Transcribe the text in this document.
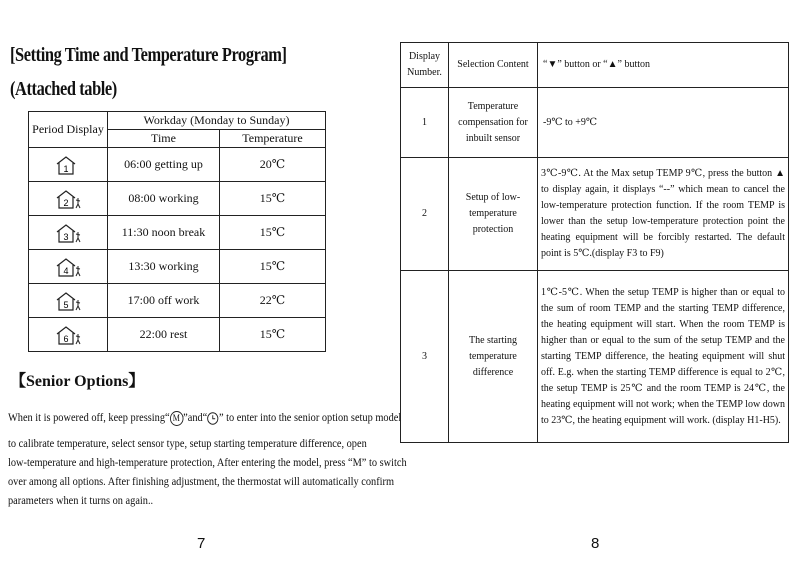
[Setting Time and Temperature Program]
(Attached table)
Period Display	Workday (Monday to Sunday)	
	Time	Temperature

1	06:00 getting up	20℃

2	08:00 working	15℃

3	11:30 noon break	15℃

4	13:30 working	15℃

5	17:00 off work	22℃

6	22:00 rest	15℃
【Senior Options】
When it is powered off, keep pressing“ M ”and“ ” to enter into the senior option setup model
to calibrate temperature, select sensor type, setup starting temperature difference, open
low-temperature and high-temperature protection, After entering the model, press “M” to switch
over among all options. After finishing adjustment, the thermostat will automatically confirm
parameters when it turns on again..
7
Display Number.	Selection Content	“▼” button or “▲” button
1	Temperature compensation for inbuilt sensor	-9℃ to +9℃
2	Setup of low-temperature protection	3℃-9℃. At the Max setup TEMP 9℃, press the button ▲ to display again, it displays “--” which mean to cancel the low-temperature protection function. If the room TEMP is lower than the setup low-temperature protection point the heating equipment will be forcibly restarted. The default point is 5℃.(display F3 to F9)
3	The starting temperature difference	1℃-5℃. When the setup TEMP is higher than or equal to the sum of room TEMP and the starting TEMP difference, the heating equipment will start. When the room TEMP is higher than or equal to the sum of the setup TEMP and the starting TEMP difference, the heating equipment will shut off. E.g. when the starting TEMP difference is equal to 2℃, the setup TEMP is 25℃ and the room TEMP is 24℃, the heating equipment will not work; when the TEMP low down to 23℃, the heating equipment will work. (display H1-H5).
8
